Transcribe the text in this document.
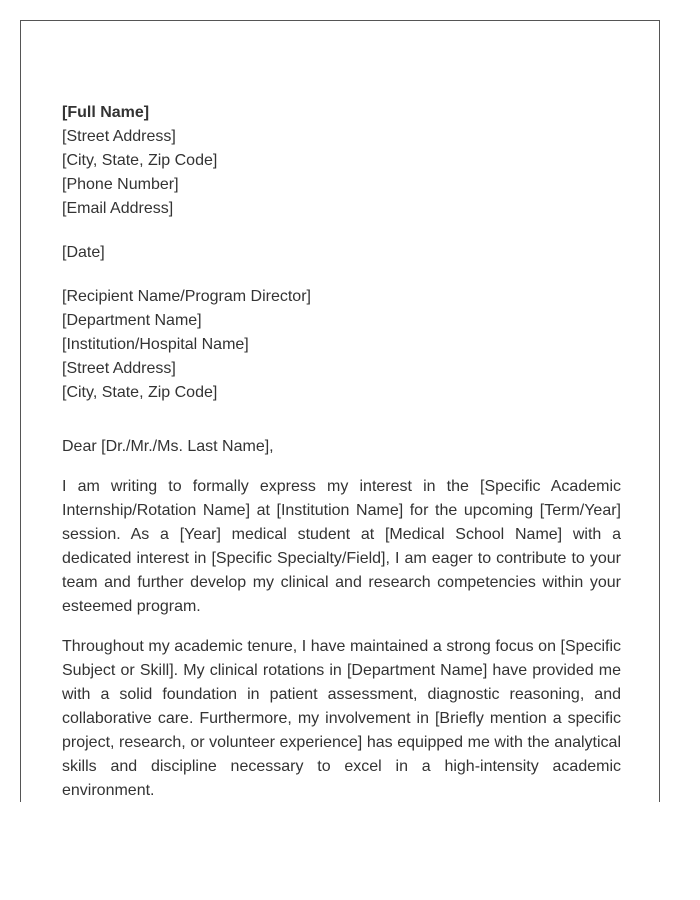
[Full Name]
[Street Address]
[City, State, Zip Code]
[Phone Number]
[Email Address]
[Date]
[Recipient Name/Program Director]
[Department Name]
[Institution/Hospital Name]
[Street Address]
[City, State, Zip Code]
Dear [Dr./Mr./Ms. Last Name],

I am writing to formally express my interest in the [Specific Academic Internship/Rotation Name] at [Institution Name] for the upcoming [Term/Year] session. As a [Year] medical student at [Medical School Name] with a dedicated interest in [Specific Specialty/Field], I am eager to contribute to your team and further develop my clinical and research competencies within your esteemed program.

Throughout my academic tenure, I have maintained a strong focus on [Specific Subject or Skill]. My clinical rotations in [Department Name] have provided me with a solid foundation in patient assessment, diagnostic reasoning, and collaborative care. Furthermore, my involvement in [Briefly mention a specific project, research, or volunteer experience] has equipped me with the analytical skills and discipline necessary to excel in a high-intensity academic environment.
